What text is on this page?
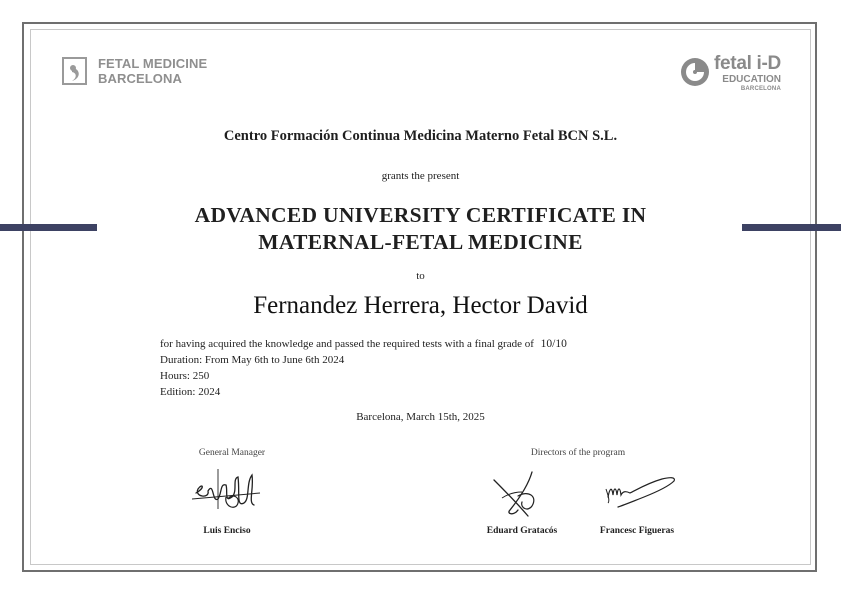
FETAL MEDICINE
BARCELONA
fetal i-D
EDUCATION
BARCELONA
Centro Formación Continua Medicina Materno Fetal BCN S.L.
grants the present
ADVANCED UNIVERSITY CERTIFICATE IN
MATERNAL-FETAL MEDICINE
to
Fernandez Herrera, Hector David
for having acquired the knowledge and passed the required tests with a final grade of 10/10
Duration: From May 6th to June 6th 2024
Hours: 250
Edition: 2024
Barcelona, March 15th, 2025
General Manager	Directors of the program
Luis Enciso	Eduard Gratacós	Francesc Figueras
